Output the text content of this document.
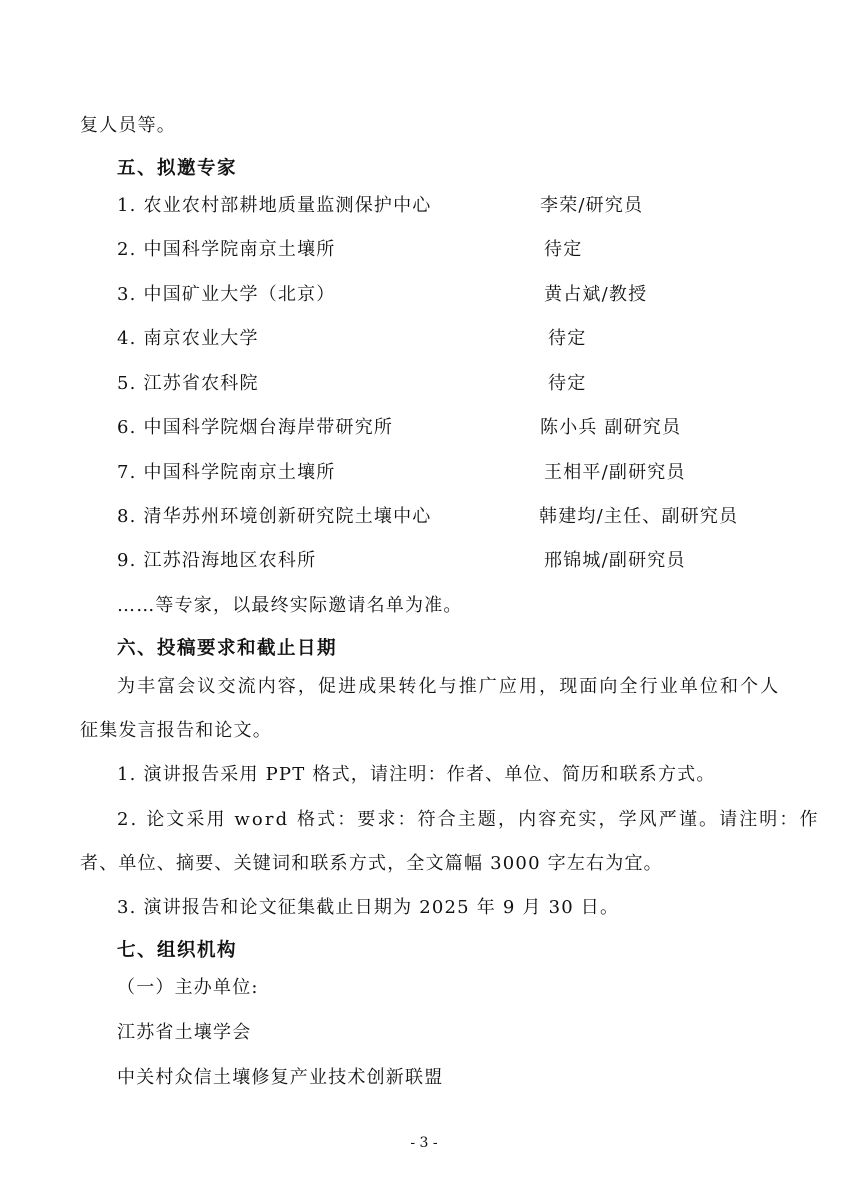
复人员等。
五、拟邀专家
1. 农业农村部耕地质量监测保护中心	李荣/研究员
2. 中国科学院南京土壤所	待定
3. 中国矿业大学（北京）	黄占斌/教授
4. 南京农业大学	待定
5. 江苏省农科院	待定
6. 中国科学院烟台海岸带研究所	陈小兵 副研究员
7. 中国科学院南京土壤所	王相平/副研究员
8. 清华苏州环境创新研究院土壤中心	韩建均/主任、副研究员
9. 江苏沿海地区农科所	邢锦城/副研究员
……等专家，以最终实际邀请名单为准。
六、投稿要求和截止日期
为丰富会议交流内容，促进成果转化与推广应用，现面向全行业单位和个人
征集发言报告和论文。
1. 演讲报告采用 PPT 格式，请注明：作者、单位、简历和联系方式。
2. 论文采用 word 格式：要求：符合主题，内容充实，学风严谨。请注明：作
者、单位、摘要、关键词和联系方式，全文篇幅 3000 字左右为宜。
3. 演讲报告和论文征集截止日期为 2025 年 9 月 30 日。
七、组织机构
（一）主办单位:
江苏省土壤学会
中关村众信土壤修复产业技术创新联盟
- 3 -
